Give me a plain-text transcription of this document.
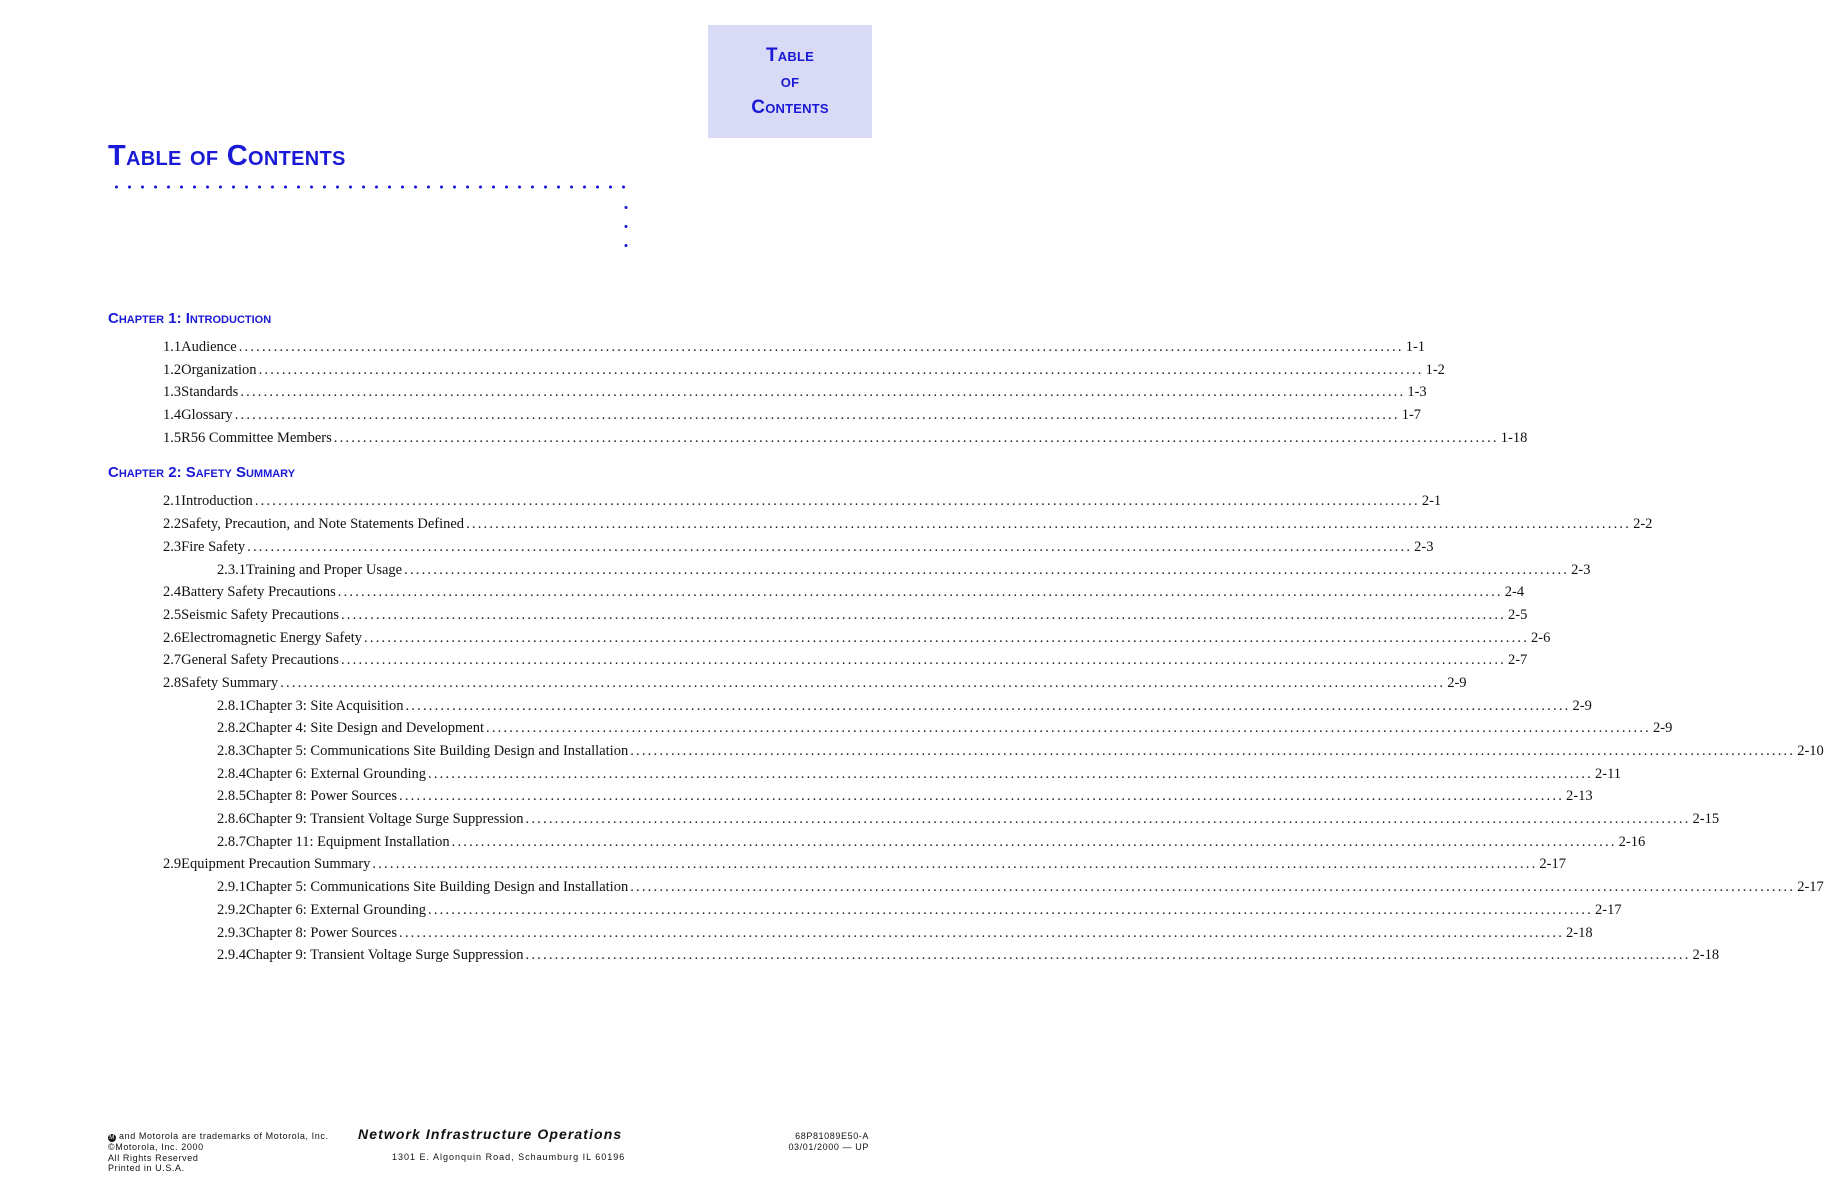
Table
of
Contents
Table of Contents
Chapter 1: Introduction
1.1 Audience ........................................................................................................................................................................................................ 1-1
1.2 Organization ........................................................................................................................................................................................................ 1-2
1.3 Standards ........................................................................................................................................................................................................ 1-3
1.4 Glossary ........................................................................................................................................................................................................ 1-7
1.5 R56 Committee Members ........................................................................................................................................................................................................ 1-18
Chapter 2: Safety Summary
2.1 Introduction ........................................................................................................................................................................................................ 2-1
2.2 Safety, Precaution, and Note Statements Defined ........................................................................................................................................................................................................ 2-2
2.3 Fire Safety ........................................................................................................................................................................................................ 2-3
2.3.1 Training and Proper Usage ........................................................................................................................................................................................................ 2-3
2.4 Battery Safety Precautions ........................................................................................................................................................................................................ 2-4
2.5 Seismic Safety Precautions ........................................................................................................................................................................................................ 2-5
2.6 Electromagnetic Energy Safety ........................................................................................................................................................................................................ 2-6
2.7 General Safety Precautions ........................................................................................................................................................................................................ 2-7
2.8 Safety Summary ........................................................................................................................................................................................................ 2-9
2.8.1 Chapter 3: Site Acquisition ........................................................................................................................................................................................................ 2-9
2.8.2 Chapter 4: Site Design and Development ........................................................................................................................................................................................................ 2-9
2.8.3 Chapter 5: Communications Site Building Design and Installation ........................................................................................................................................................................................................ 2-10
2.8.4 Chapter 6: External Grounding ........................................................................................................................................................................................................ 2-11
2.8.5 Chapter 8: Power Sources ........................................................................................................................................................................................................ 2-13
2.8.6 Chapter 9: Transient Voltage Surge Suppression ........................................................................................................................................................................................................ 2-15
2.8.7 Chapter 11: Equipment Installation ........................................................................................................................................................................................................ 2-16
2.9 Equipment Precaution Summary ........................................................................................................................................................................................................ 2-17
2.9.1 Chapter 5: Communications Site Building Design and Installation ........................................................................................................................................................................................................ 2-17
2.9.2 Chapter 6: External Grounding ........................................................................................................................................................................................................ 2-17
2.9.3 Chapter 8: Power Sources ........................................................................................................................................................................................................ 2-18
2.9.4 Chapter 9: Transient Voltage Surge Suppression ........................................................................................................................................................................................................ 2-18
M and Motorola are trademarks of Motorola, Inc.
©Motorola, Inc. 2000
All Rights Reserved
Printed in U.S.A.
Network Infrastructure Operations
1301 E. Algonquin Road, Schaumburg IL 60196
68P81089E50-A
03/01/2000 — UP
